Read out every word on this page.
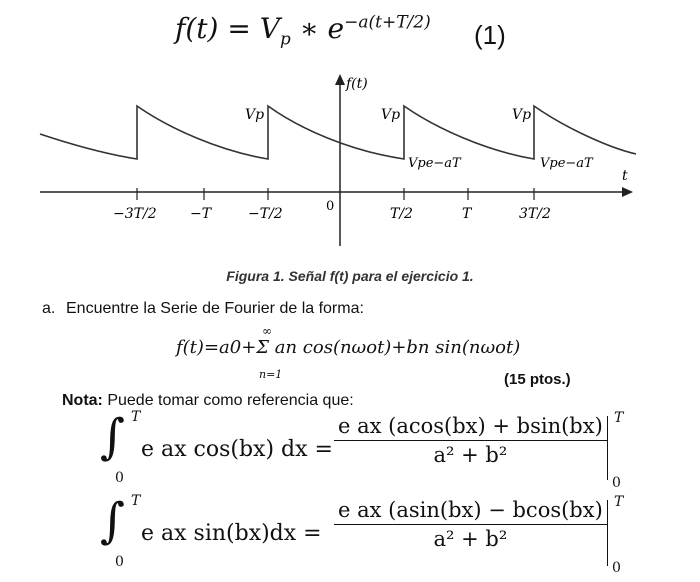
$f(t) = V_p$ ∗ $e^{-a(t+T/2)}$ (1)
f(t)
t
0
−3T/2 −T	−T/2	T/2	T	3T/2
Vp	Vp	Vp
Vpe−aT	Vpe−aT
Figura 1. Señal f(t) para el ejercicio 1.
a. Encuentre la Serie de Fourier de la forma:
f(t)=a0+Σ an cos(nωot)+bn sin(nωot)
∞
n=1	(15 ptos.)
Nota: Puede tomar como referencia que:
∫ T
0
e ax cos(bx) dx = $\frac{\text{e ax (acos(bx) + bsin(bx)}}{\text{a² + b²}}$ T
0
∫ T
0
e ax $\sin(bx)dx = \frac{\text{e ax (asin(bx) − bcos(bx)}}{\text{a² + b²}}$ T
0
